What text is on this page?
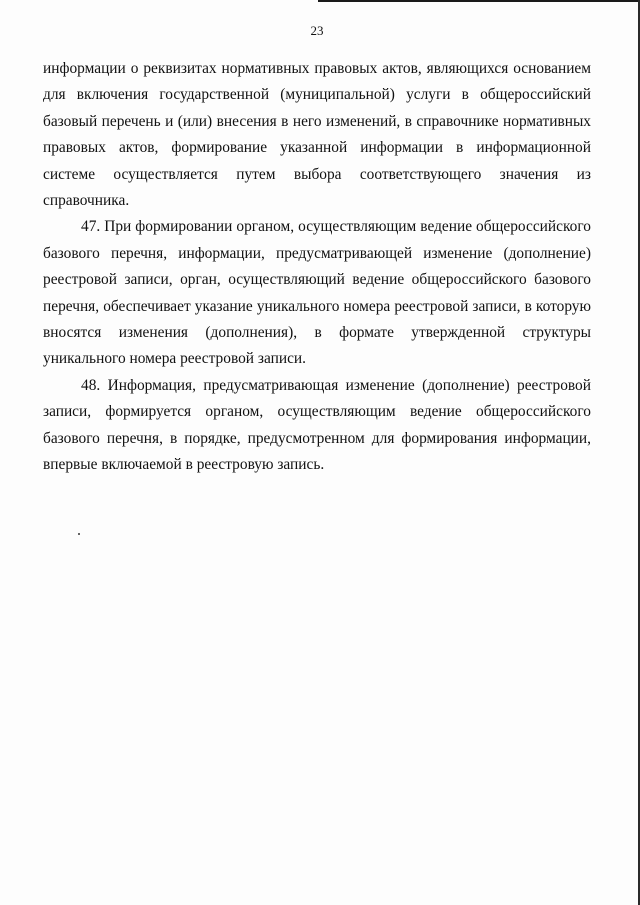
23

информации о реквизитах нормативных правовых актов, являющихся основанием для включения государственной (муниципальной) услуги в общероссийский базовый перечень и (или) внесения в него изменений, в справочнике нормативных правовых актов, формирование указанной информации в информационной системе осуществляется путем выбора соответствующего значения из справочника.

47. При формировании органом, осуществляющим ведение общероссийского базового перечня, информации, предусматривающей изменение (дополнение) реестровой записи, орган, осуществляющий ведение общероссийского базового перечня, обеспечивает указание уникального номера реестровой записи, в которую вносятся изменения (дополнения), в формате утвержденной структуры уникального номера реестровой записи.

48. Информация, предусматривающая изменение (дополнение) реестровой записи, формируется органом, осуществляющим ведение общероссийского базового перечня, в порядке, предусмотренном для формирования информации, впервые включаемой в реестровую запись.
